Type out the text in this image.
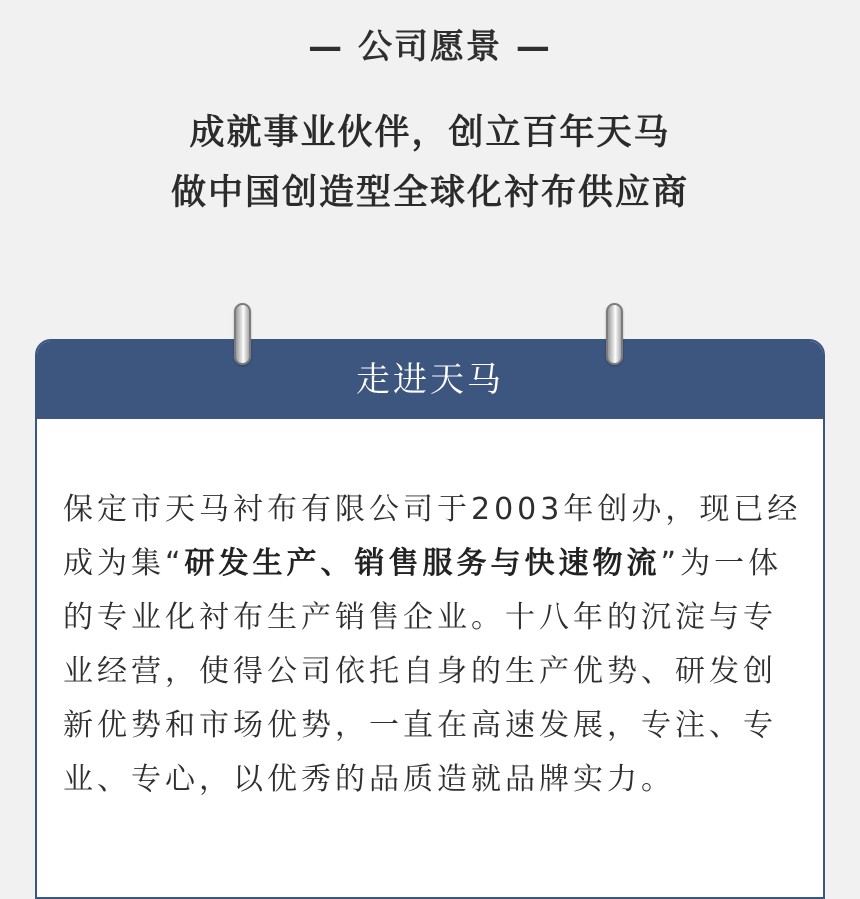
— 公司愿景 —
成就事业伙伴，创立百年天马
做中国创造型全球化衬布供应商
走进天马

保定市天马衬布有限公司于2003年创办，现已经成为集“研发生产、销售服务与快速物流”为一体的专业化衬布生产销售企业。十八年的沉淀与专业经营，使得公司依托自身的生产优势、研发创新优势和市场优势，一直在高速发展，专注、专业、专心，以优秀的品质造就品牌实力。
